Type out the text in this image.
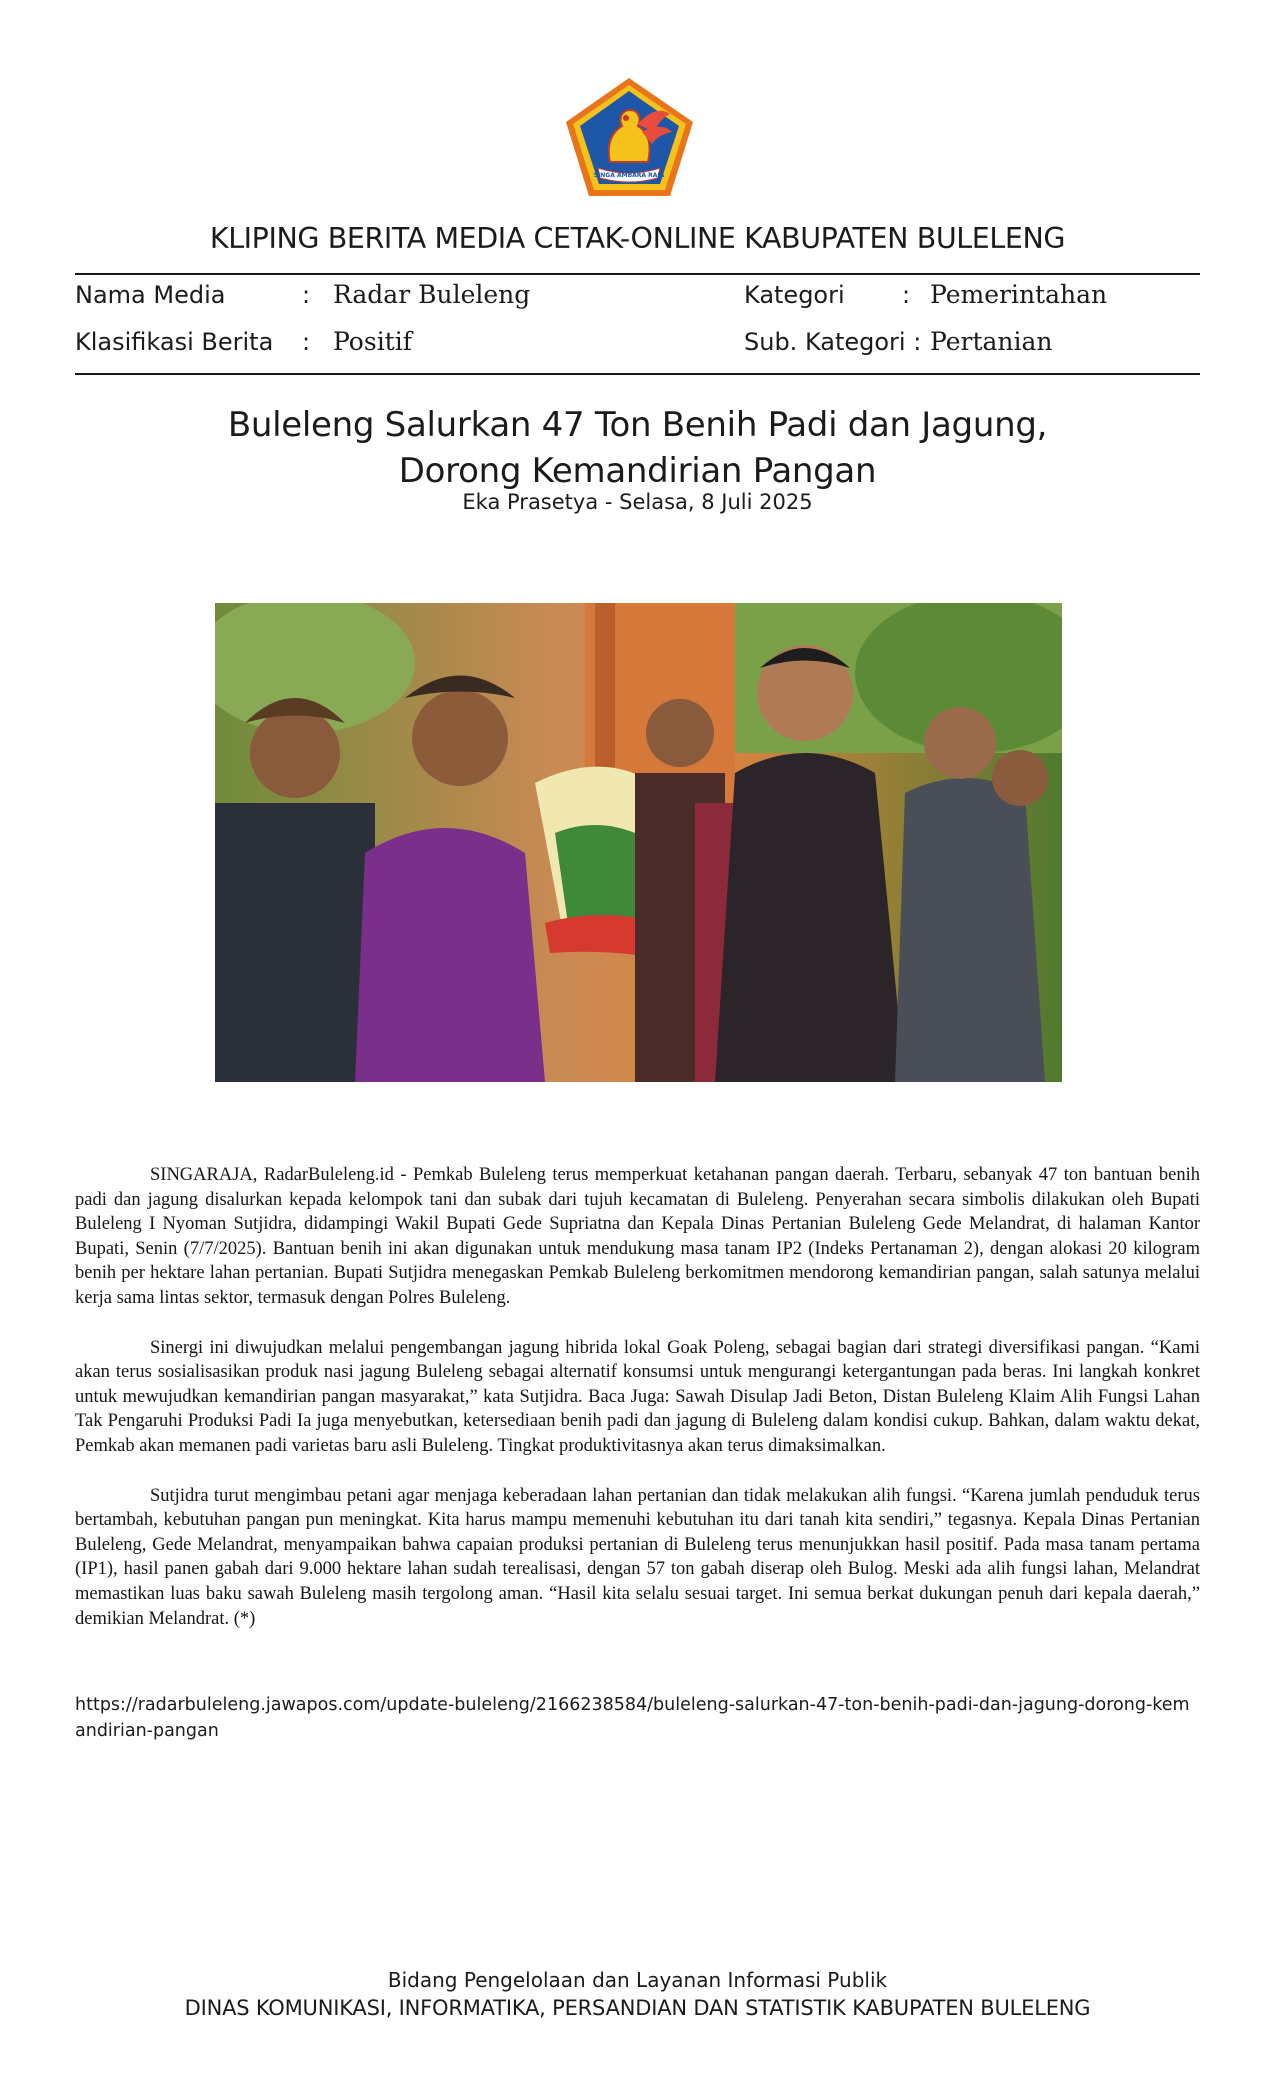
SINGA AMBARA RAJA
KLIPING BERITA MEDIA CETAK-ONLINE KABUPATEN BULELENG
Nama Media	: Radar Buleleng	Kategori : Pemerintahan
Klasifikasi Berita : Positif	Sub. Kategori : Pertanian
Buleleng Salurkan 47 Ton Benih Padi dan Jagung,
Dorong Kemandirian Pangan
Eka Prasetya - Selasa, 8 Juli 2025

SINGARAJA, RadarBuleleng.id - Pemkab Buleleng terus memperkuat ketahanan pangan daerah. Terbaru, sebanyak 47 ton bantuan benih padi dan jagung disalurkan kepada kelompok tani dan subak dari tujuh kecamatan di Buleleng. Penyerahan secara simbolis dilakukan oleh Bupati Buleleng I Nyoman Sutjidra, didampingi Wakil Bupati Gede Supriatna dan Kepala Dinas Pertanian Buleleng Gede Melandrat, di halaman Kantor Bupati, Senin (7/7/2025). Bantuan benih ini akan digunakan untuk mendukung masa tanam IP2 (Indeks Pertanaman 2), dengan alokasi 20 kilogram benih per hektare lahan pertanian. Bupati Sutjidra menegaskan Pemkab Buleleng berkomitmen mendorong kemandirian pangan, salah satunya melalui kerja sama lintas sektor, termasuk dengan Polres Buleleng.

Sinergi ini diwujudkan melalui pengembangan jagung hibrida lokal Goak Poleng, sebagai bagian dari strategi diversifikasi pangan. “Kami akan terus sosialisasikan produk nasi jagung Buleleng sebagai alternatif konsumsi untuk mengurangi ketergantungan pada beras. Ini langkah konkret untuk mewujudkan kemandirian pangan masyarakat,” kata Sutjidra. Baca Juga: Sawah Disulap Jadi Beton, Distan Buleleng Klaim Alih Fungsi Lahan Tak Pengaruhi Produksi Padi Ia juga menyebutkan, ketersediaan benih padi dan jagung di Buleleng dalam kondisi cukup. Bahkan, dalam waktu dekat, Pemkab akan memanen padi varietas baru asli Buleleng. Tingkat produktivitasnya akan terus dimaksimalkan.

Sutjidra turut mengimbau petani agar menjaga keberadaan lahan pertanian dan tidak melakukan alih fungsi. “Karena jumlah penduduk terus bertambah, kebutuhan pangan pun meningkat. Kita harus mampu memenuhi kebutuhan itu dari tanah kita sendiri,” tegasnya. Kepala Dinas Pertanian Buleleng, Gede Melandrat, menyampaikan bahwa capaian produksi pertanian di Buleleng terus menunjukkan hasil positif. Pada masa tanam pertama (IP1), hasil panen gabah dari 9.000 hektare lahan sudah terealisasi, dengan 57 ton gabah diserap oleh Bulog. Meski ada alih fungsi lahan, Melandrat memastikan luas baku sawah Buleleng masih tergolong aman. “Hasil kita selalu sesuai target. Ini semua berkat dukungan penuh dari kepala daerah,” demikian Melandrat. (*)

https://radarbuleleng.jawapos.com/update-buleleng/2166238584/buleleng-salurkan-47-ton-benih-padi-dan-jagung-dorong-kemandirian-pangan
Bidang Pengelolaan dan Layanan Informasi Publik
DINAS KOMUNIKASI, INFORMATIKA, PERSANDIAN DAN STATISTIK KABUPATEN BULELENG
